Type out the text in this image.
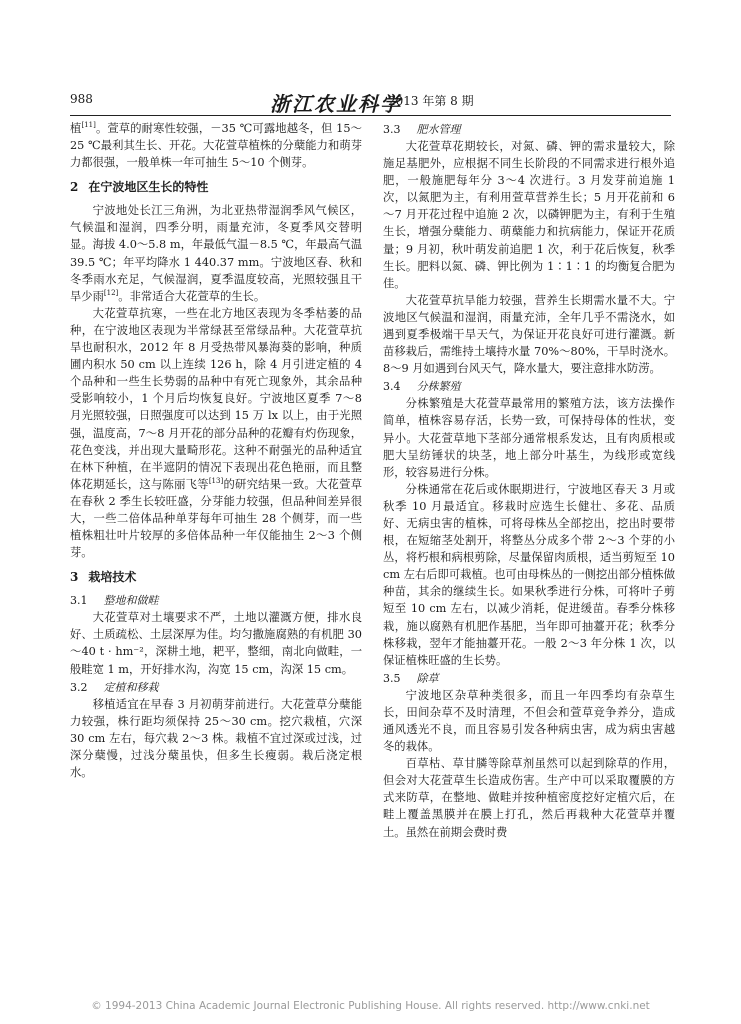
988	浙江农业科学
2013 年第 8 期

植[11]。萱草的耐寒性较强，－35 ℃可露地越冬，但 15～25 ℃最利其生长、开花。大花萱草植株的分蘖能力和萌芽力都很强，一般单株一年可抽生 5～10 个侧芽。

2 在宁波地区生长的特性

宁波地处长江三角洲，为北亚热带湿润季风气候区，气候温和湿润，四季分明，雨量充沛，冬夏季风交替明显。海拔 4.0～5.8 m，年最低气温－8.5 ℃，年最高气温 39.5 ℃；年平均降水 1 440.37 mm。宁波地区春、秋和冬季雨水充足，气候湿润，夏季温度较高，光照较强且干旱少雨[12]。非常适合大花萱草的生长。

大花萱草抗寒，一些在北方地区表现为冬季枯萎的品种，在宁波地区表现为半常绿甚至常绿品种。大花萱草抗旱也耐积水，2012 年 8 月受热带风暴海葵的影响，种质圃内积水 50 cm 以上连续 126 h，除 4 月引进定植的 4 个品种和一些生长势弱的品种中有死亡现象外，其余品种受影响较小，1 个月后均恢复良好。宁波地区夏季 7～8 月光照较强，日照强度可以达到 15 万 lx 以上，由于光照强，温度高，7～8 月开花的部分品种的花瓣有灼伤现象，花色变浅，并出现大量畸形花。这种不耐强光的品种适宜在林下种植，在半遮阴的情况下表现出花色艳丽，而且整体花期延长，这与陈丽飞等[13]的研究结果一致。大花萱草在春秋 2 季生长较旺盛，分芽能力较强，但品种间差异很大，一些二倍体品种单芽每年可抽生 28 个侧芽，而一些植株粗壮叶片较厚的多倍体品种一年仅能抽生 2～3 个侧芽。

3 栽培技术
3.1 整地和做畦

大花萱草对土壤要求不严，土地以灌溉方便，排水良好、土质疏松、土层深厚为佳。均匀撒施腐熟的有机肥 30～40 t · hm⁻²，深耕土地，耙平，整细，南北向做畦，一般畦宽 1 m，开好排水沟，沟宽 15 cm，沟深 15 cm。

3.2 定植和移栽

移植适宜在早春 3 月初萌芽前进行。大花萱草分蘖能力较强，株行距均须保持 25～30 cm。挖穴栽植，穴深 30 cm 左右，每穴栽 2～3 株。栽植不宜过深或过浅，过深分蘖慢，过浅分蘖虽快，但多生长瘦弱。栽后浇定根水。

3.3 肥水管理

大花萱草花期较长，对氮、磷、钾的需求量较大，除施足基肥外，应根据不同生长阶段的不同需求进行根外追肥，一般施肥每年分 3～4 次进行。3 月发芽前追施 1 次，以氮肥为主，有利用萱草营养生长；5 月开花前和 6～7 月开花过程中追施 2 次，以磷钾肥为主，有利于生殖生长，增强分蘖能力、萌蘖能力和抗病能力，保证开花质量；9 月初，秋叶萌发前追肥 1 次，利于花后恢复，秋季生长。肥料以氮、磷、钾比例为 1∶1∶1 的均衡复合肥为佳。

大花萱草抗旱能力较强，营养生长期需水量不大。宁波地区气候温和湿润，雨量充沛，全年几乎不需浇水，如遇到夏季极端干旱天气，为保证开花良好可进行灌溉。新苗移栽后，需维持土壤持水量 70%～80%，干旱时浇水。8～9 月如遇到台风天气，降水量大，要注意排水防涝。

3.4 分株繁殖

分株繁殖是大花萱草最常用的繁殖方法，该方法操作简单，植株容易存活，长势一致，可保持母体的性状，变异小。大花萱草地下茎部分通常根系发达，且有肉质根或肥大呈纺锤状的块茎，地上部分叶基生，为线形或宽线形，较容易进行分株。

分株通常在花后或休眠期进行，宁波地区春天 3 月或秋季 10 月最适宜。移栽时应选生长健壮、多花、品质好、无病虫害的植株，可将母株丛全部挖出，挖出时要带根，在短缩茎处割开，将整丛分成多个带 2～3 个芽的小丛，将朽根和病根剪除，尽量保留肉质根，适当剪短至 10 cm 左右后即可栽植。也可由母株丛的一侧挖出部分植株做种苗，其余的继续生长。如果秋季进行分株，可将叶子剪短至 10 cm 左右，以减少消耗，促进缓苗。春季分株移栽，施以腐熟有机肥作基肥，当年即可抽薹开花；秋季分株移栽，翌年才能抽薹开花。一般 2～3 年分株 1 次，以保证植株旺盛的生长势。

3.5 除草

宁波地区杂草种类很多，而且一年四季均有杂草生长，田间杂草不及时清理，不但会和萱草竞争养分，造成通风透光不良，而且容易引发各种病虫害，成为病虫害越冬的栽体。

百草枯、草甘膦等除草剂虽然可以起到除草的作用，但会对大花萱草生长造成伤害。生产中可以采取覆膜的方式来防草，在整地、做畦并按种植密度挖好定植穴后，在畦上覆盖黑膜并在膜上打孔，然后再栽种大花萱草并覆土。虽然在前期会费时费

© 1994-2013 China Academic Journal Electronic Publishing House. All rights reserved. http://www.cnki.net
